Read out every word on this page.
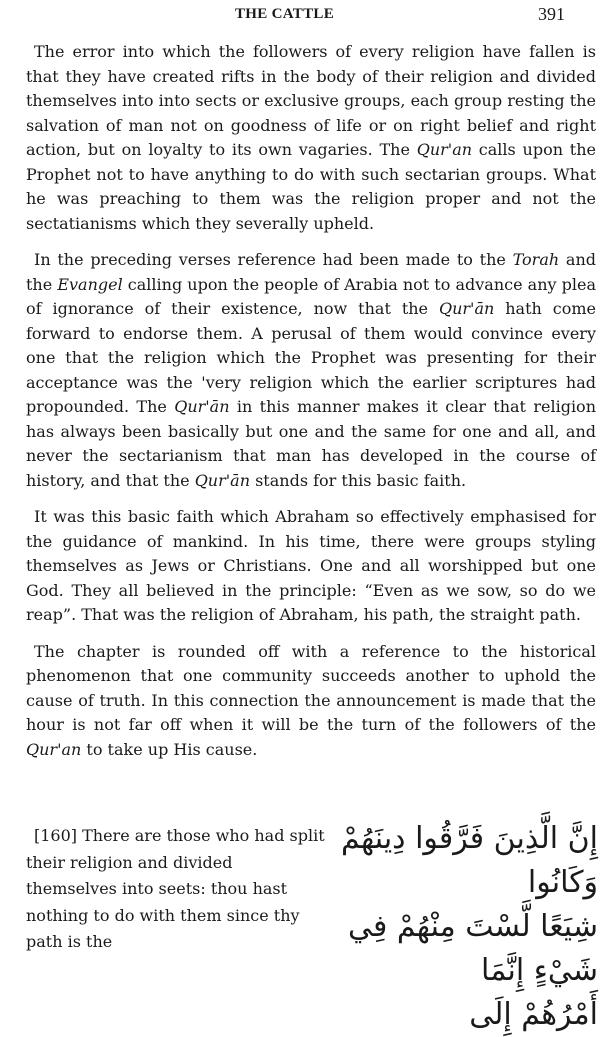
THE CATTLE	391

The error into which the followers of every religion have fallen is that they have created rifts in the body of their religion and divided themselves into into sects or exclusive groups, each group resting the salvation of man not on goodness of life or on right belief and right action, but on loyalty to its own vagaries. The Qur'an calls upon the Prophet not to have anything to do with such sectarian groups. What he was preaching to them was the religion proper and not the sectatianisms which they severally upheld.

In the preceding verses reference had been made to the Torah and the Evangel calling upon the people of Arabia not to advance any plea of ignorance of their existence, now that the Qur'ān hath come forward to endorse them. A perusal of them would convince every one that the religion which the Prophet was presenting for their acceptance was the 'very religion which the earlier scriptures had propounded. The Qur'ān in this manner makes it clear that religion has always been basically but one and the same for one and all, and never the sectarianism that man has developed in the course of history, and that the Qur'ān stands for this basic faith.

It was this basic faith which Abraham so effectively emphasised for the guidance of mankind. In his time, there were groups styling themselves as Jews or Christians. One and all worshipped but one God. They all believed in the principle: “Even as we sow, so do we reap”. That was the religion of Abraham, his path, the straight path.

The chapter is rounded off with a reference to the historical phenomenon that one community succeeds another to uphold the cause of truth. In this connection the announcement is made that the hour is not far off when it will be the turn of the followers of the Qur'an to take up His cause.

[160] There are those who had split their religion and divided themselves into seets: thou hast nothing to do with them since thy path is the
إِنَّ الَّذِينَ فَرَّقُوا دِينَهُمْ وَكَانُوا
شِيَعًا لَّسْتَ مِنْهُمْ فِي شَيْءٍ إِنَّمَا
أَمْرُهُمْ إِلَى
